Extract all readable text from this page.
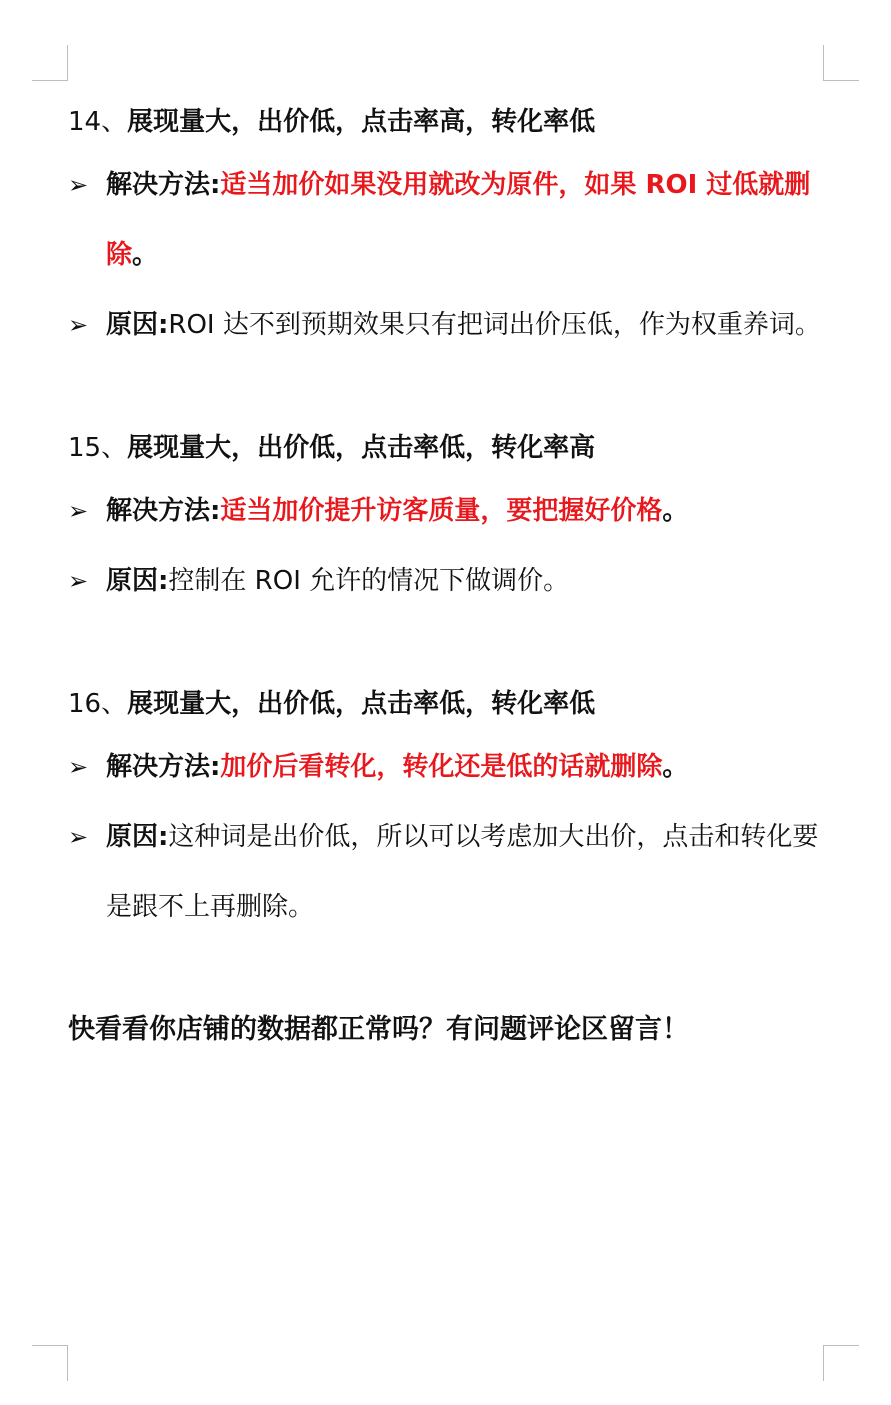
14、展现量大，出价低，点击率高，转化率低
➢ 解决方法:适当加价如果没用就改为原件，如果 ROI 过低就删除。
➢ 原因:ROI 达不到预期效果只有把词出价压低，作为权重养词。
15、展现量大，出价低，点击率低，转化率高
➢ 解决方法:适当加价提升访客质量，要把握好价格。
➢ 原因:控制在 ROI 允许的情况下做调价。
16、展现量大，出价低，点击率低，转化率低
➢ 解决方法:加价后看转化，转化还是低的话就删除。
➢ 原因:这种词是出价低，所以可以考虑加大出价，点击和转化要是跟不上再删除。
快看看你店铺的数据都正常吗？有问题评论区留言！
